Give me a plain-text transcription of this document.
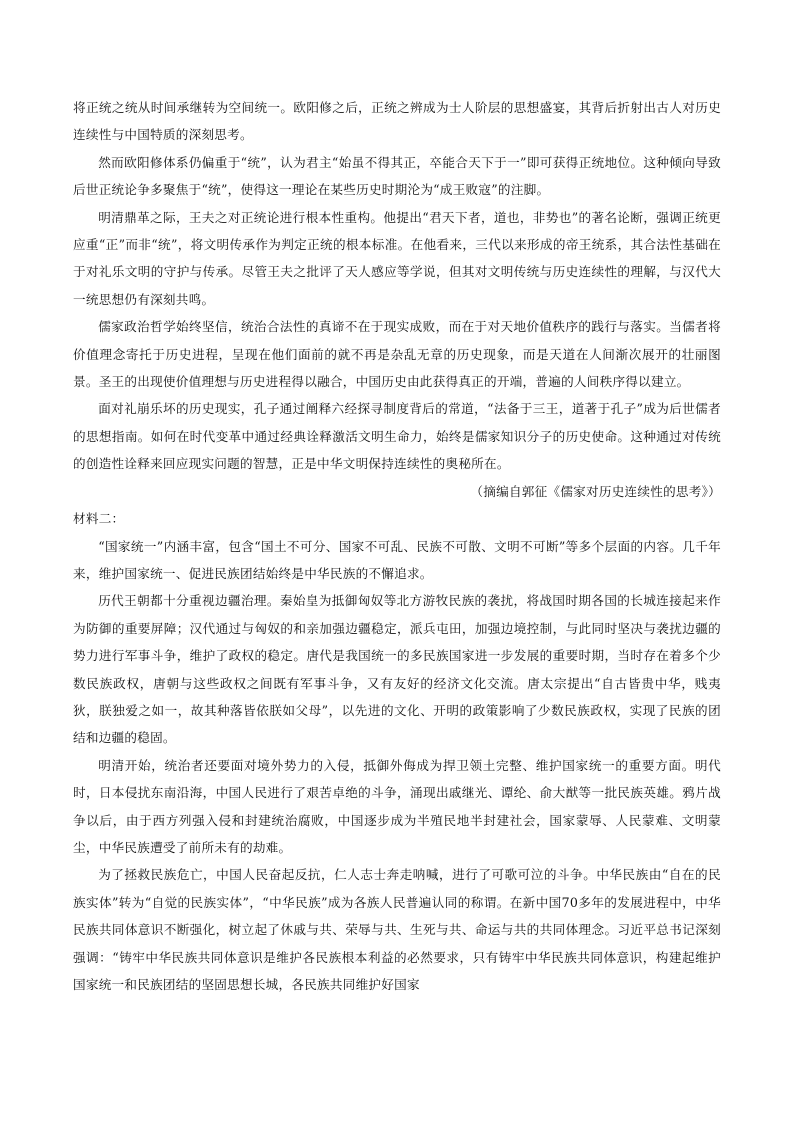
将正统之统从时间承继转为空间统一。欧阳修之后，正统之辨成为士人阶层的思想盛宴，其背后折射出古人对历史连续性与中国特质的深刻思考。

然而欧阳修体系仍偏重于“统”，认为君主“始虽不得其正，卒能合天下于一”即可获得正统地位。这种倾向导致后世正统论争多聚焦于“统”，使得这一理论在某些历史时期沦为“成王败寇”的注脚。

明清鼎革之际，王夫之对正统论进行根本性重构。他提出“君天下者，道也，非势也”的著名论断，强调正统更应重“正”而非“统”，将文明传承作为判定正统的根本标准。在他看来，三代以来形成的帝王统系，其合法性基础在于对礼乐文明的守护与传承。尽管王夫之批评了天人感应等学说，但其对文明传统与历史连续性的理解，与汉代大一统思想仍有深刻共鸣。

儒家政治哲学始终坚信，统治合法性的真谛不在于现实成败，而在于对天地价值秩序的践行与落实。当儒者将价值理念寄托于历史进程，呈现在他们面前的就不再是杂乱无章的历史现象，而是天道在人间渐次展开的壮丽图景。圣王的出现使价值理想与历史进程得以融合，中国历史由此获得真正的开端，普遍的人间秩序得以建立。

面对礼崩乐坏的历史现实，孔子通过阐释六经探寻制度背后的常道，“法备于三王，道著于孔子”成为后世儒者的思想指南。如何在时代变革中通过经典诠释激活文明生命力，始终是儒家知识分子的历史使命。这种通过对传统的创造性诠释来回应现实问题的智慧，正是中华文明保持连续性的奥秘所在。

（摘编自郭征《儒家对历史连续性的思考》）

材料二：

“国家统一”内涵丰富，包含“国土不可分、国家不可乱、民族不可散、文明不可断”等多个层面的内容。几千年来，维护国家统一、促进民族团结始终是中华民族的不懈追求。

历代王朝都十分重视边疆治理。秦始皇为抵御匈奴等北方游牧民族的袭扰，将战国时期各国的长城连接起来作为防御的重要屏障；汉代通过与匈奴的和亲加强边疆稳定，派兵屯田，加强边境控制，与此同时坚决与袭扰边疆的势力进行军事斗争，维护了政权的稳定。唐代是我国统一的多民族国家进一步发展的重要时期，当时存在着多个少数民族政权，唐朝与这些政权之间既有军事斗争，又有友好的经济文化交流。唐太宗提出“自古皆贵中华，贱夷狄，朕独爱之如一，故其种落皆依朕如父母”，以先进的文化、开明的政策影响了少数民族政权，实现了民族的团结和边疆的稳固。

明清开始，统治者还要面对境外势力的入侵，抵御外侮成为捍卫领土完整、维护国家统一的重要方面。明代时，日本侵扰东南沿海，中国人民进行了艰苦卓绝的斗争，涌现出戚继光、谭纶、俞大猷等一批民族英雄。鸦片战争以后，由于西方列强入侵和封建统治腐败，中国逐步成为半殖民地半封建社会，国家蒙辱、人民蒙难、文明蒙尘，中华民族遭受了前所未有的劫难。

为了拯救民族危亡，中国人民奋起反抗，仁人志士奔走呐喊，进行了可歌可泣的斗争。中华民族由“自在的民族实体”转为“自觉的民族实体”，“中华民族”成为各族人民普遍认同的称谓。在新中国70多年的发展进程中，中华民族共同体意识不断强化，树立起了休戚与共、荣辱与共、生死与共、命运与共的共同体理念。习近平总书记深刻强调：“铸牢中华民族共同体意识是维护各民族根本利益的必然要求，只有铸牢中华民族共同体意识，构建起维护国家统一和民族团结的坚固思想长城，各民族共同维护好国家
